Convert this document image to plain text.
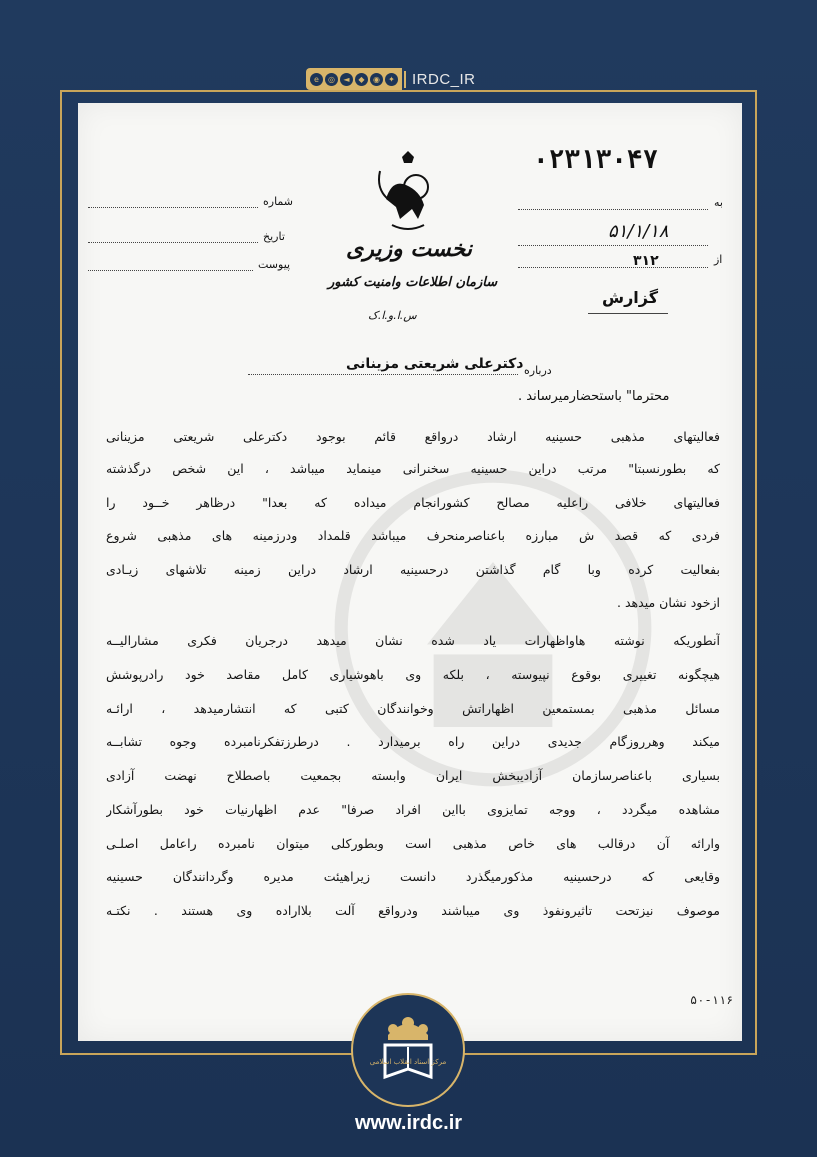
e	◎	◄	◆	◉	✦	IRDC_IR
۰۲۳۱۳۰۴۷
به
۵۱/۱/۱۸
از
۳۱۲
شماره
تاریخ
پیوست
نخست وزیری
سازمان اطلاعات وامنیت کشور
س.ا.و.ا.ک
گزارش
درباره
دکترعلی شریعتی مزینانی
محترما" باستحضارمیرساند .
فعالیتهای مذهبی حسینیه ارشاد درواقع قائم بوجود دکترعلی شریعتی مزینانی
که بطورنسبتا" مرتب دراین حسینیه سخنرانی مینماید میباشد ، این شخص درگذشته
فعالیتهای خلافی راعلیه مصالح کشورانجام میداده که بعدا" درظاهر خــود را
فردی که قصد ش مبارزه باعناصرمنحرف میباشد قلمداد ودرزمینه های مذهبی شروع
بفعالیت کرده وبا گام گذاشتن درحسینیه ارشاد دراین زمینه تلاشهای زیـادی
ازخود نشان میدهد .
آنطوریکه نوشته هاواظهارات یاد شده نشان میدهد درجریان فکری مشارالیــه
هیچگونه تغییری بوقوع نپیوسته ، بلکه وی باهوشیاری کامل مقاصد خود رادرپوشش
مسائل مذهبی بمستمعین اظهاراتش وخوانندگان کتبی که انتشارمیدهد ، ارائـه
میکند وهرروزگام جدیدی دراین راه برمیدارد . درطرزتفکرنامبرده وجوه تشابــه
بسیاری باعناصرسازمان آزادیبخش ایران وابسته بجمعیت باصطلاح نهضت آزادی
مشاهده میگردد ، ووجه تمایزوی بااین افراد صرفا" عدم اظهارنیات خود بطورآشکار
وارائه آن درقالب های خاص مذهبی است وبطورکلی میتوان نامبرده راعامل اصلـی
وقایعی که درحسینیه مذکورمیگذرد دانست زیراهیئت مدیره وگردانندگان حسینیه
موصوف نیزتحت تاثیرونفوذ وی میباشند ودرواقع آلت بلااراده وی هستند . نکتـه
۵۰-۱۱۶
مرکز اسناد انقلاب اسلامی
www.irdc.ir
